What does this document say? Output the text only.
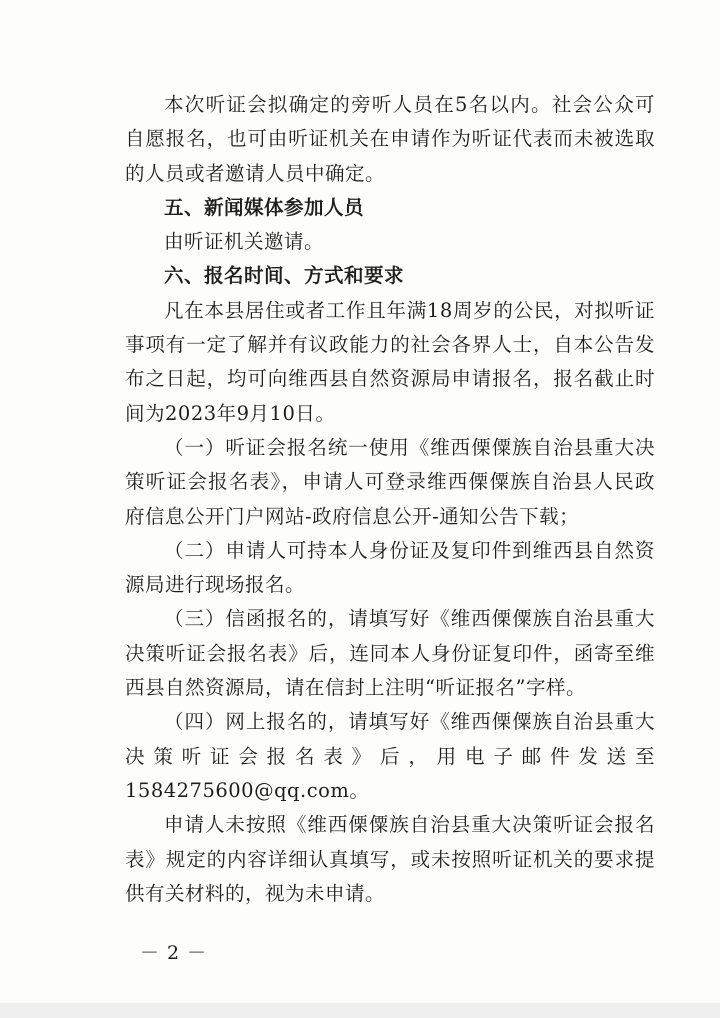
本次听证会拟确定的旁听人员在5名以内。社会公众可自愿报名，也可由听证机关在申请作为听证代表而未被选取的人员或者邀请人员中确定。

五、新闻媒体参加人员

由听证机关邀请。

六、报名时间、方式和要求

凡在本县居住或者工作且年满18周岁的公民，对拟听证事项有一定了解并有议政能力的社会各界人士，自本公告发布之日起，均可向维西县自然资源局申请报名，报名截止时间为2023年9月10日。

（一）听证会报名统一使用《维西傈僳族自治县重大决策听证会报名表》，申请人可登录维西傈僳族自治县人民政府信息公开门户网站-政府信息公开-通知公告下载；

（二）申请人可持本人身份证及复印件到维西县自然资源局进行现场报名。

（三）信函报名的，请填写好《维西傈僳族自治县重大决策听证会报名表》后，连同本人身份证复印件，函寄至维西县自然资源局，请在信封上注明“听证报名”字样。

（四）网上报名的，请填写好《维西傈僳族自治县重大决策听证会报名表》后，用电子邮件发送至1584275600@qq.com。

申请人未按照《维西傈僳族自治县重大决策听证会报名表》规定的内容详细认真填写，或未按照听证机关的要求提供有关材料的，视为未申请。

－ 2 －
